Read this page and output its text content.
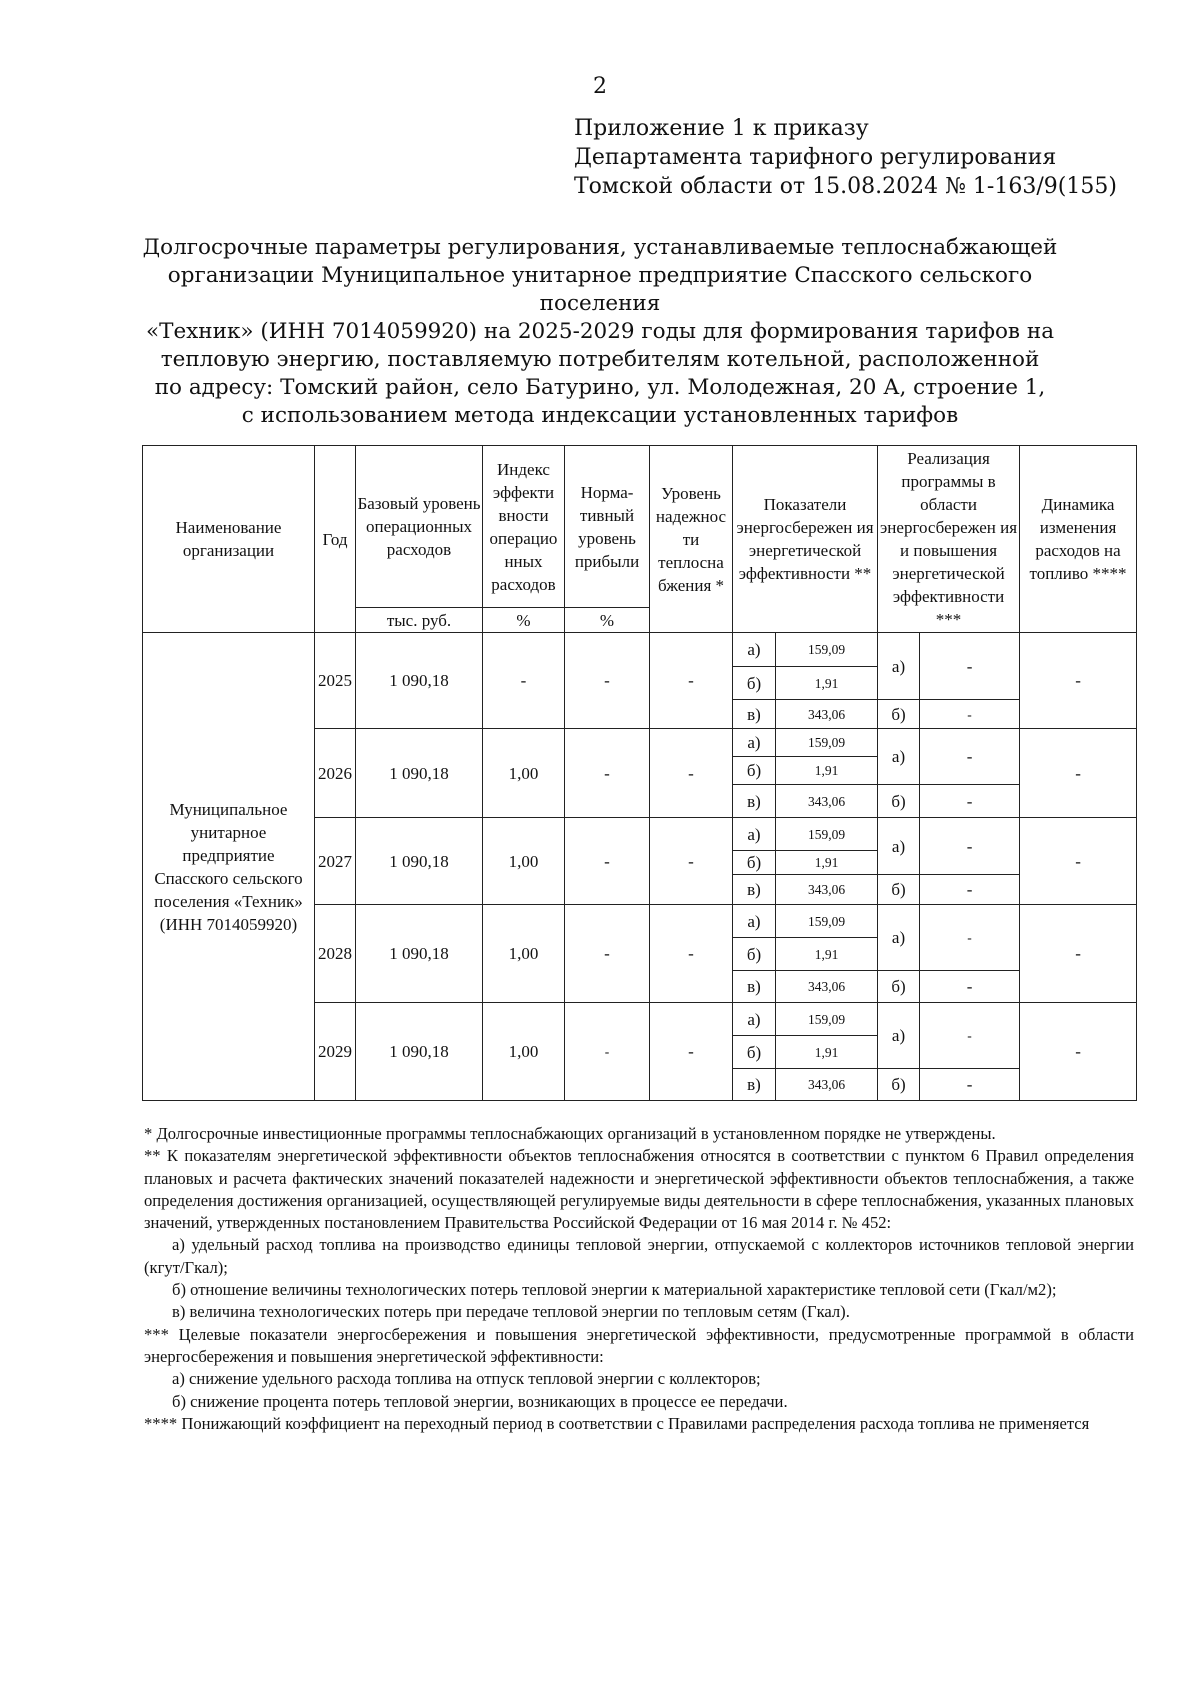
2
Приложение 1 к приказу
Департамента тарифного регулирования
Томской области от 15.08.2024 № 1-163/9(155)
Долгосрочные параметры регулирования, устанавливаемые теплоснабжающей
организации Муниципальное унитарное предприятие Спасского сельского поселения
«Техник» (ИНН 7014059920) на 2025-2029 годы для формирования тарифов на
тепловую энергию, поставляемую потребителям котельной, расположенной
по адресу: Томский район, село Батурино, ул. Молодежная, 20 А, строение 1,
с использованием метода индексации установленных тарифов
Наименование организации	Год	Базовый уровень операционных расходов	Индекс эффекти вности операцио нных расходов	Норма-тивный уровень прибыли	Уровень надежнос ти теплосна бжения *	Показатели энергосбережен ия энергетической эффективности **		Реализация программы в области энергосбережен ия и повышения энергетической эффективности ***		Динамика изменения расходов на топливо ****
		тыс. руб.	%	%						
Муниципальное унитарное предприятие Спасского сельского поселения «Техник» (ИНН 7014059920)	2025	1 090,18	-	-	-	а)	159,09	а)	-	-
						б)	1,91			
						в)	343,06	б)	-	
	2026	1 090,18	1,00	-	-	а)	159,09	а)	-	-
						б)	1,91			
						в)	343,06	б)	-	
	2027	1 090,18	1,00	-	-	а)	159,09	а)	-	-
						б)	1,91			
						в)	343,06	б)	-	
	2028	1 090,18	1,00	-	-	а)	159,09	а)	-	-
						б)	1,91			
						в)	343,06	б)	-	
	2029	1 090,18	1,00	-	-	а)	159,09	а)	-	-
						б)	1,91			
						в)	343,06	б)	-	

* Долгосрочные инвестиционные программы теплоснабжающих организаций в установленном порядке не утверждены.

** К показателям энергетической эффективности объектов теплоснабжения относятся в соответствии с пунктом 6 Правил определения плановых и расчета фактических значений показателей надежности и энергетической эффективности объектов теплоснабжения, а также определения достижения организацией, осуществляющей регулируемые виды деятельности в сфере теплоснабжения, указанных плановых значений, утвержденных постановлением Правительства Российской Федерации от 16 мая 2014 г. № 452:

а) удельный расход топлива на производство единицы тепловой энергии, отпускаемой с коллекторов источников тепловой энергии (кгут/Гкал);

б) отношение величины технологических потерь тепловой энергии к материальной характеристике тепловой сети (Гкал/м2);

в) величина технологических потерь при передаче тепловой энергии по тепловым сетям (Гкал).

*** Целевые показатели энергосбережения и повышения энергетической эффективности, предусмотренные программой в области энергосбережения и повышения энергетической эффективности:

а) снижение удельного расхода топлива на отпуск тепловой энергии с коллекторов;

б) снижение процента потерь тепловой энергии, возникающих в процессе ее передачи.

**** Понижающий коэффициент на переходный период в соответствии с Правилами распределения расхода топлива не применяется
